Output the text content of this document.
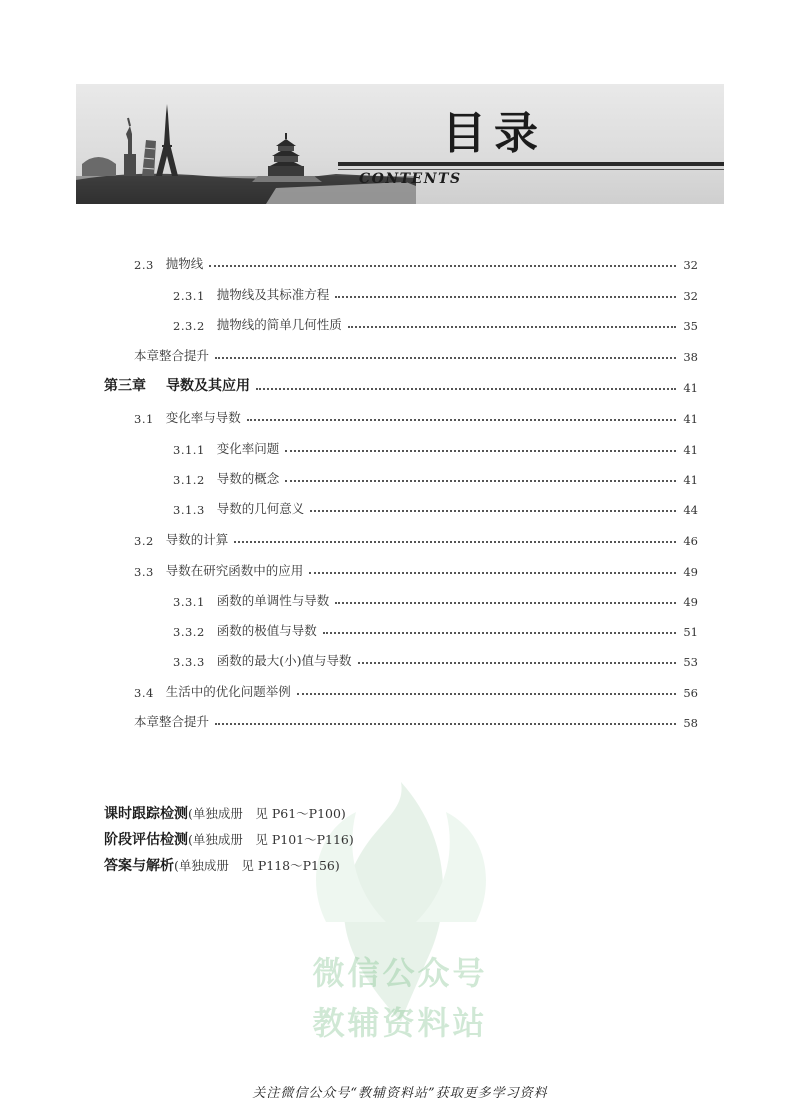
目录
CONTENTS
2.3 抛物线	32
2.3.1 抛物线及其标准方程	32
2.3.2 抛物线的简单几何性质	35
本章整合提升	38
第三章 导数及其应用	41
3.1 变化率与导数	41
3.1.1 变化率问题	41
3.1.2 导数的概念	41
3.1.3 导数的几何意义	44
3.2 导数的计算	46
3.3 导数在研究函数中的应用	49
3.3.1 函数的单调性与导数	49
3.3.2 函数的极值与导数	51
3.3.3 函数的最大(小)值与导数	53
3.4 生活中的优化问题举例	56
本章整合提升	58
微信公众号
教辅资料站
课时跟踪检测(单独成册　见 P61～P100)
阶段评估检测(单独成册　见 P101～P116)
答案与解析(单独成册　见 P118～P156)
关注微信公众号“教辅资料站”获取更多学习资料
